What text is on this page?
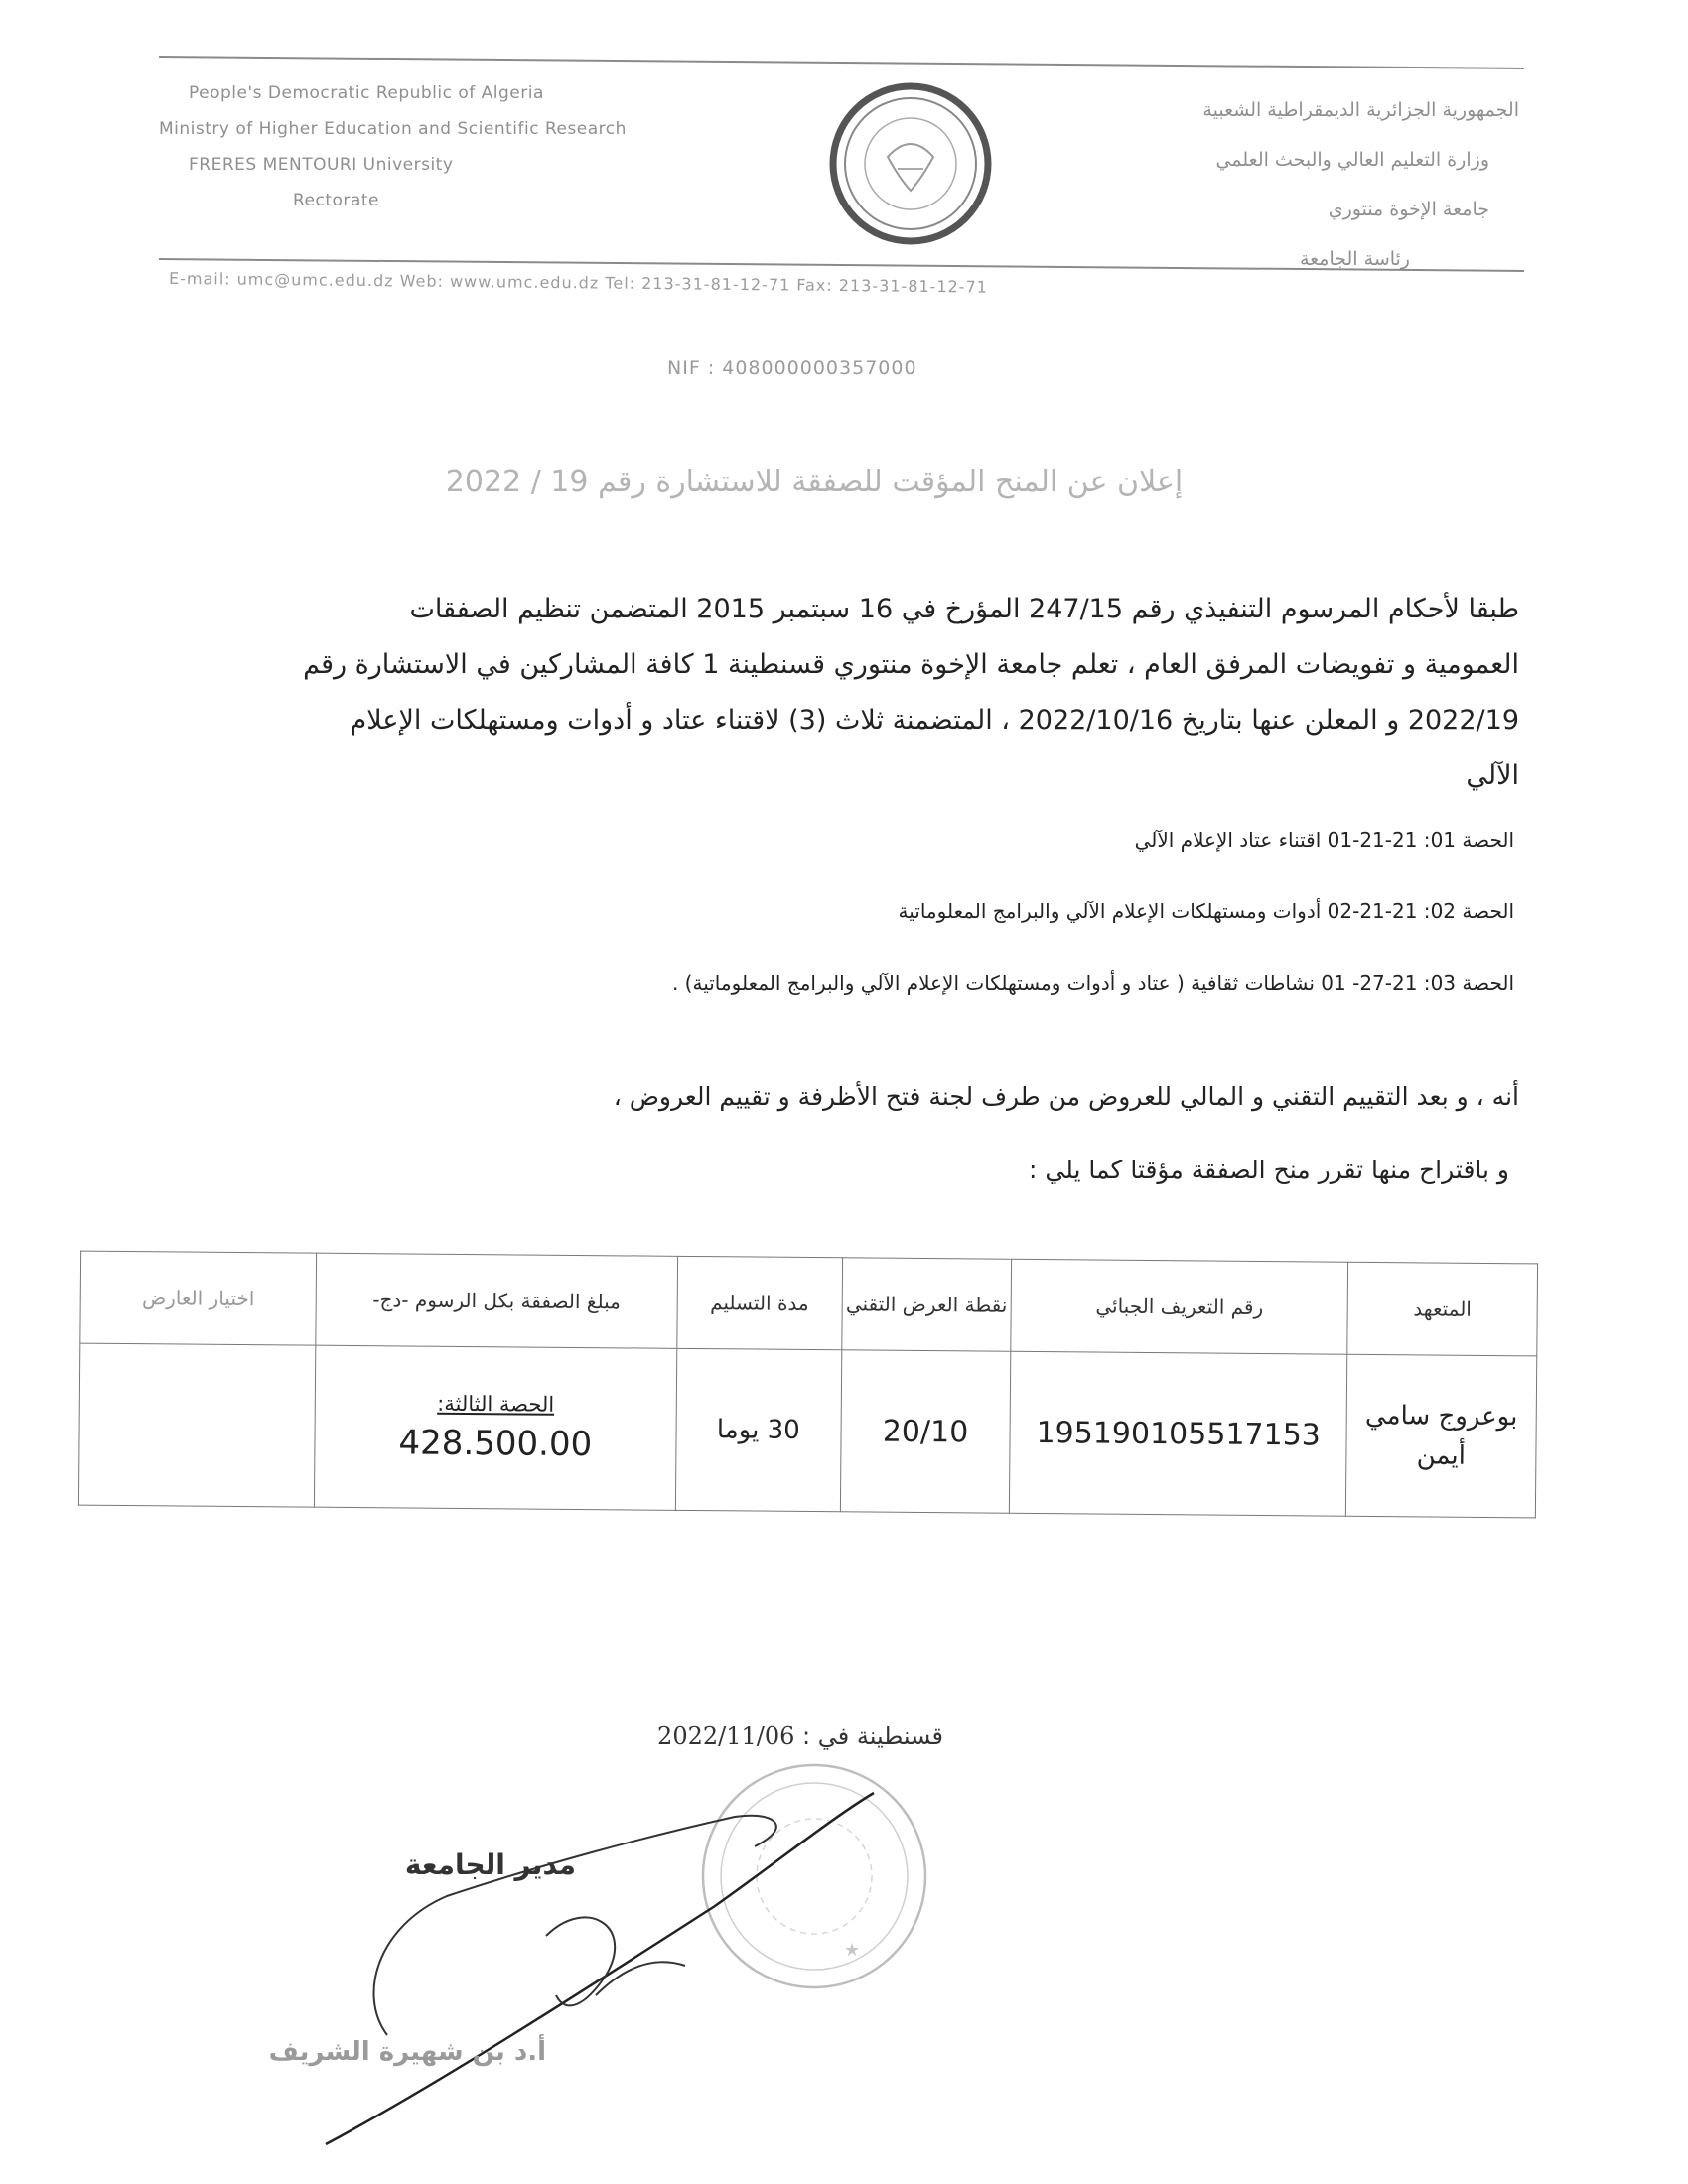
People's Democratic Republic of Algeria
Ministry of Higher Education and Scientific Research
FRERES MENTOURI University
Rectorate
الجمهورية الجزائرية الديمقراطية الشعبية
وزارة التعليم العالي والبحث العلمي
جامعة الإخوة منتوري
رئاسة الجامعة
E-mail: umc@umc.edu.dz Web: www.umc.edu.dz Tel: 213-31-81-12-71 Fax: 213-31-81-12-71
NIF : 408000000357000
إعلان عن المنح المؤقت للصفقة للاستشارة رقم 19 / 2022
طبقا لأحكام المرسوم التنفيذي رقم 247/15 المؤرخ في 16 سبتمبر 2015 المتضمن تنظيم الصفقات
العمومية و تفويضات المرفق العام ، تعلم جامعة الإخوة منتوري قسنطينة 1 كافة المشاركين في الاستشارة رقم
2022/19 و المعلن عنها بتاريخ 2022/10/16 ، المتضمنة ثلاث (3) لاقتناء عتاد و أدوات ومستهلكات الإعلام
الآلي
الحصة 01: 21-21-01 اقتناء عتاد الإعلام الآلي
الحصة 02: 21-21-02 أدوات ومستهلكات الإعلام الآلي والبرامج المعلوماتية
الحصة 03: 21-27- 01 نشاطات ثقافية ( عتاد و أدوات ومستهلكات الإعلام الآلي والبرامج المعلوماتية) .
أنه ، و بعد التقييم التقني و المالي للعروض من طرف لجنة فتح الأظرفة و تقييم العروض ،
و باقتراح منها تقرر منح الصفقة مؤقتا كما يلي :
المتعهد	رقم التعريف الجبائي	نقطة العرض التقني	مدة التسليم	مبلغ الصفقة بكل الرسوم -دج-	اختيار العارض
بوعروج سامي أيمن	195190105517153	20/10	30 يوما	الحصة الثالثة:
428.500.00	

قسنطينة في : 2022/11/06
★
مدير الجامعة
أ.د بن شهيرة الشريف
